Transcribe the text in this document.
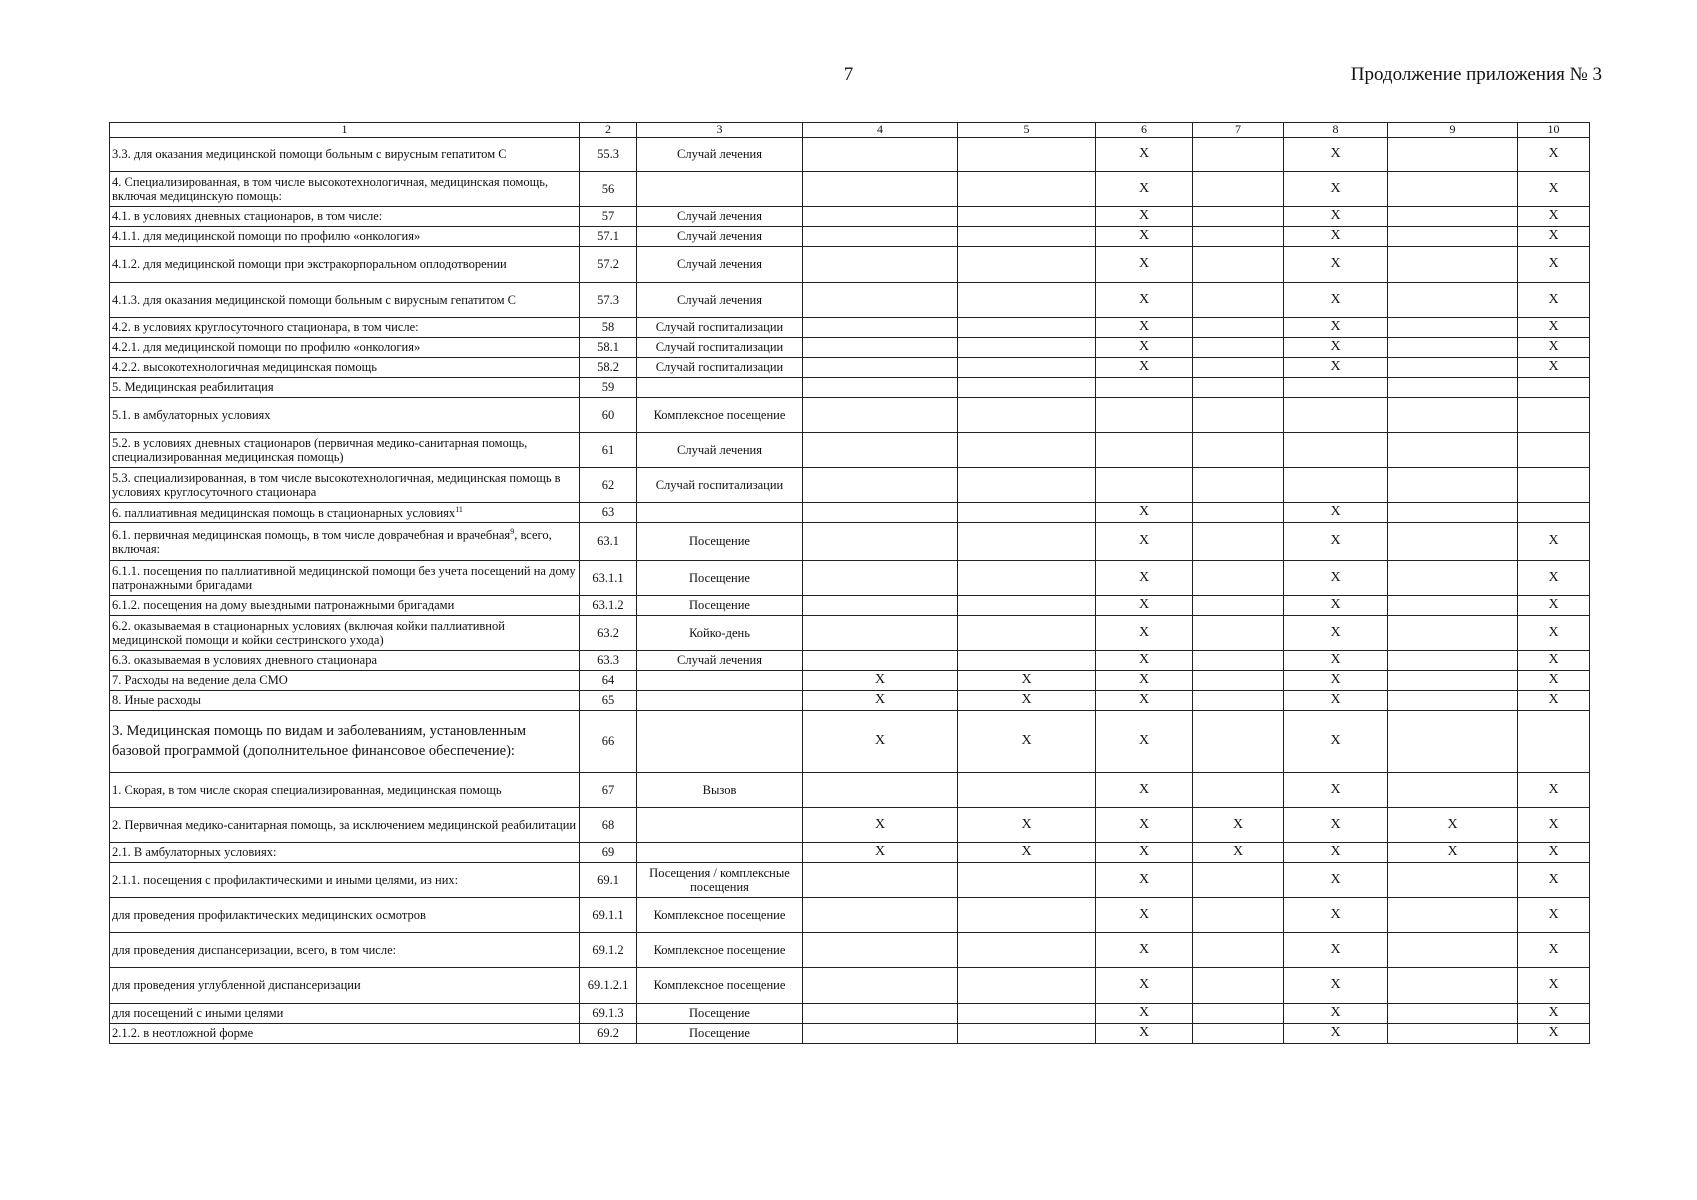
7	Продолжение приложения № 3
1	2	3	4	5	6	7	8	9	10
3.3. для оказания медицинской помощи больным с вирусным гепатитом С	55.3	Случай лечения			Х		Х		Х
4. Специализированная, в том числе высокотехнологичная, медицинская помощь, включая медицинскую помощь:	56				Х		Х		Х
4.1. в условиях дневных стационаров, в том числе:	57	Случай лечения			Х		Х		Х
4.1.1. для медицинской помощи по профилю «онкология»	57.1	Случай лечения			Х		Х		Х
4.1.2. для медицинской помощи при экстракорпоральном оплодотворении	57.2	Случай лечения			Х		Х		Х
4.1.3. для оказания медицинской помощи больным с вирусным гепатитом С	57.3	Случай лечения			Х		Х		Х
4.2. в условиях круглосуточного стационара, в том числе:	58	Случай госпитализации			Х		Х		Х
4.2.1. для медицинской помощи по профилю «онкология»	58.1	Случай госпитализации			Х		Х		Х
4.2.2. высокотехнологичная медицинская помощь	58.2	Случай госпитализации			Х		Х		Х
5. Медицинская реабилитация	59								
5.1. в амбулаторных условиях	60	Комплексное посещение							
5.2. в условиях дневных стационаров (первичная медико-санитарная помощь, специализированная медицинская помощь)	61	Случай лечения							
5.3. специализированная, в том числе высокотехнологичная, медицинская помощь в условиях круглосуточного стационара	62	Случай госпитализации							
6. паллиативная медицинская помощь в стационарных условиях$^{11}$	63				Х		Х		
6.1. первичная медицинская помощь, в том числе доврачебная и врачебная$^9$, всего, включая:	63.1	Посещение			Х		Х		Х
6.1.1. посещения по паллиативной медицинской помощи без учета посещений на дому патронажными бригадами	63.1.1	Посещение			Х		Х		Х
6.1.2. посещения на дому выездными патронажными бригадами	63.1.2	Посещение			Х		Х		Х
6.2. оказываемая в стационарных условиях (включая койки паллиативной медицинской помощи и койки сестринского ухода)	63.2	Койко-день			Х		Х		Х
6.3. оказываемая в условиях дневного стационара	63.3	Случай лечения			Х		Х		Х
7. Расходы на ведение дела СМО	64		Х	Х	Х		Х		Х
8. Иные расходы	65		Х	Х	Х		Х		Х
3. Медицинская помощь по видам и заболеваниям, установленным базовой программой (дополнительное финансовое обеспечение):	66		Х	Х	Х		Х		
1. Скорая, в том числе скорая специализированная, медицинская помощь	67	Вызов			Х		Х		Х
2. Первичная медико-санитарная помощь, за исключением медицинской реабилитации	68		Х	Х	Х	Х	Х	Х	Х
2.1. В амбулаторных условиях:	69		Х	Х	Х	Х	Х	Х	Х
2.1.1. посещения с профилактическими и иными целями, из них:	69.1	Посещения / комплексные посещения			Х		Х		Х
для проведения профилактических медицинских осмотров	69.1.1	Комплексное посещение			Х		Х		Х
для проведения диспансеризации, всего, в том числе:	69.1.2	Комплексное посещение			Х		Х		Х
для проведения углубленной диспансеризации	69.1.2.1	Комплексное посещение			Х		Х		Х
для посещений с иными целями	69.1.3	Посещение			Х		Х		Х
2.1.2. в неотложной форме	69.2	Посещение			Х		Х		Х
